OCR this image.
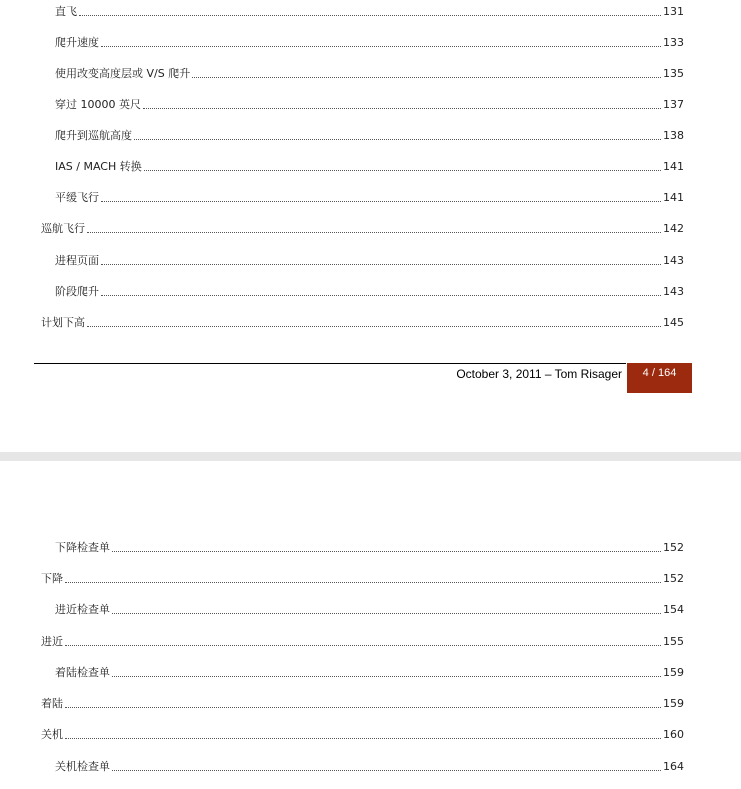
直飞	131
爬升速度	133
使用改变高度层或 V/S 爬升	135
穿过 10000 英尺	137
爬升到巡航高度	138
IAS / MACH 转换	141
平缓飞行	141
巡航飞行	142
进程页面	143
阶段爬升	143
计划下高	145
October 3, 2011 – Tom Risager 4 / 164
下降检查单	152
下降	152
进近检查单	154
进近	155
着陆检查单	159
着陆	159
关机	160
关机检查单	164
